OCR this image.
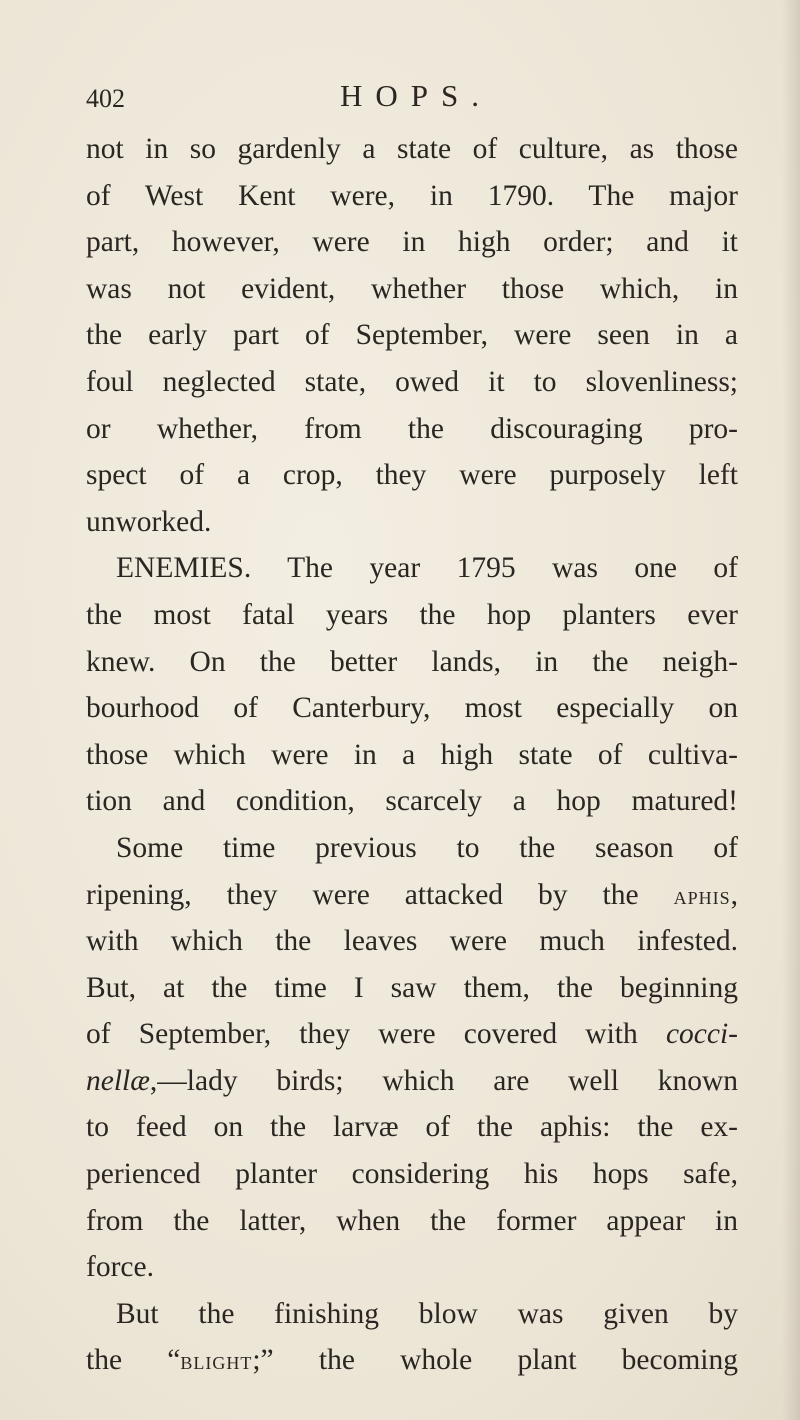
402	HOPS.
not in so gardenly a state of culture, as those
of West Kent were, in 1790. The major
part, however, were in high order; and it
was not evident, whether those which, in
the early part of September, were seen in a
foul neglected state, owed it to slovenliness;
or whether, from the discouraging pro-
spect of a crop, they were purposely left
unworked.
ENEMIES. The year 1795 was one of
the most fatal years the hop planters ever
knew. On the better lands, in the neigh-
bourhood of Canterbury, most especially on
those which were in a high state of cultiva-
tion and condition, scarcely a hop matured!
Some time previous to the season of
ripening, they were attacked by the aphis,
with which the leaves were much infested.
But, at the time I saw them, the beginning
of September, they were covered with cocci-
nellæ,—lady birds; which are well known
to feed on the larvæ of the aphis: the ex-
perienced planter considering his hops safe,
from the latter, when the former appear in
force.
But the finishing blow was given by
the “blight;” the whole plant becoming
